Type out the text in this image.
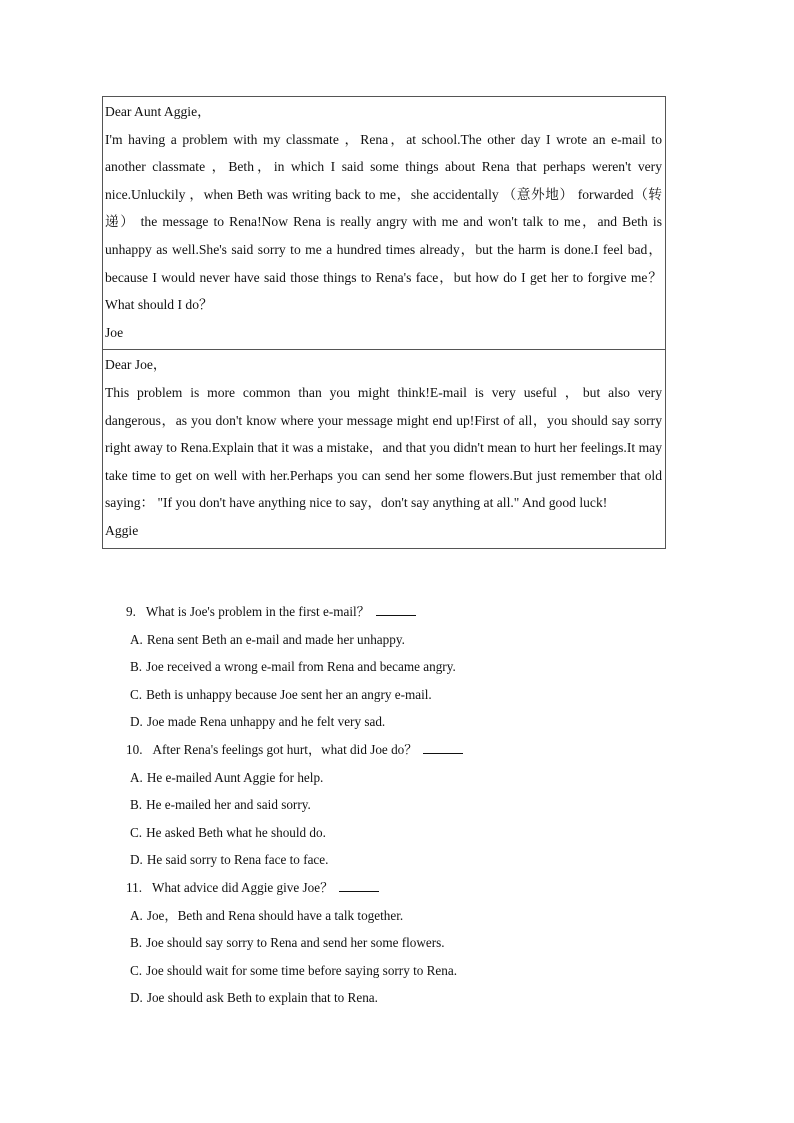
Dear Aunt Aggie，

I'm having a problem with my classmate ，Rena，at school.The other day I wrote an e-mail to another classmate ，Beth，in which I said some things about Rena that perhaps weren't very nice.Unluckily ，when Beth was writing back to me，she accidentally （意外地） forwarded（转递） the message to Rena!Now Rena is really angry with me and won't talk to me，and Beth is unhappy as well.She's said sorry to me a hundred times already，but the harm is done.I feel bad，because I would never have said those things to Rena's face，but how do I get her to forgive me？What should I do？

Joe

Dear Joe，

This problem is more common than you might think!E-mail is very useful ，but also very dangerous，as you don't know where your message might end up!First of all，you should say sorry right away to Rena.Explain that it was a mistake，and that you didn't mean to hurt her feelings.It may take time to get on well with her.Perhaps you can send her some flowers.But just remember that old saying： "If you don't have anything nice to say，don't say anything at all." And good luck!

Aggie

9. What is Joe's problem in the first e-mail？

A. Rena sent Beth an e-mail and made her unhappy.

B. Joe received a wrong e-mail from Rena and became angry.

C. Beth is unhappy because Joe sent her an angry e-mail.

D. Joe made Rena unhappy and he felt very sad.

10. After Rena's feelings got hurt，what did Joe do？

A. He e-mailed Aunt Aggie for help.

B. He e-mailed her and said sorry.

C. He asked Beth what he should do.

D. He said sorry to Rena face to face.

11. What advice did Aggie give Joe？

A. Joe，Beth and Rena should have a talk together.

B. Joe should say sorry to Rena and send her some flowers.

C. Joe should wait for some time before saying sorry to Rena.

D. Joe should ask Beth to explain that to Rena.
